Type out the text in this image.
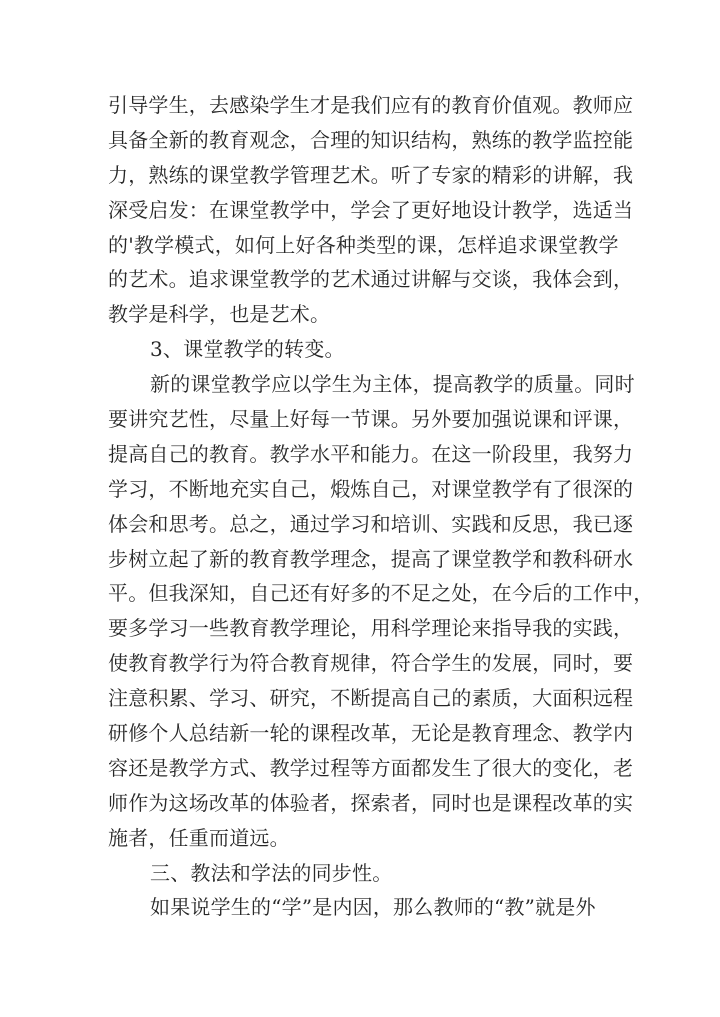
引导学生，去感染学生才是我们应有的教育价值观。教师应
具备全新的教育观念，合理的知识结构，熟练的教学监控能
力，熟练的课堂教学管理艺术。听了专家的精彩的讲解，我
深受启发：在课堂教学中，学会了更好地设计教学，选适当
的'教学模式，如何上好各种类型的课，怎样追求课堂教学
的艺术。追求课堂教学的艺术通过讲解与交谈，我体会到，
教学是科学，也是艺术。
3、课堂教学的转变。
新的课堂教学应以学生为主体，提高教学的质量。同时
要讲究艺性，尽量上好每一节课。另外要加强说课和评课，
提高自己的教育。教学水平和能力。在这一阶段里，我努力
学习，不断地充实自己，煅炼自己，对课堂教学有了很深的
体会和思考。总之，通过学习和培训、实践和反思，我已逐
步树立起了新的教育教学理念，提高了课堂教学和教科研水
平。但我深知，自己还有好多的不足之处，在今后的工作中，
要多学习一些教育教学理论，用科学理论来指导我的实践，
使教育教学行为符合教育规律，符合学生的发展，同时，要
注意积累、学习、研究，不断提高自己的素质，大面积远程
研修个人总结新一轮的课程改革，无论是教育理念、教学内
容还是教学方式、教学过程等方面都发生了很大的变化，老
师作为这场改革的体验者，探索者，同时也是课程改革的实
施者，任重而道远。
三、教法和学法的同步性。
如果说学生的“学”是内因，那么教师的“教”就是外
